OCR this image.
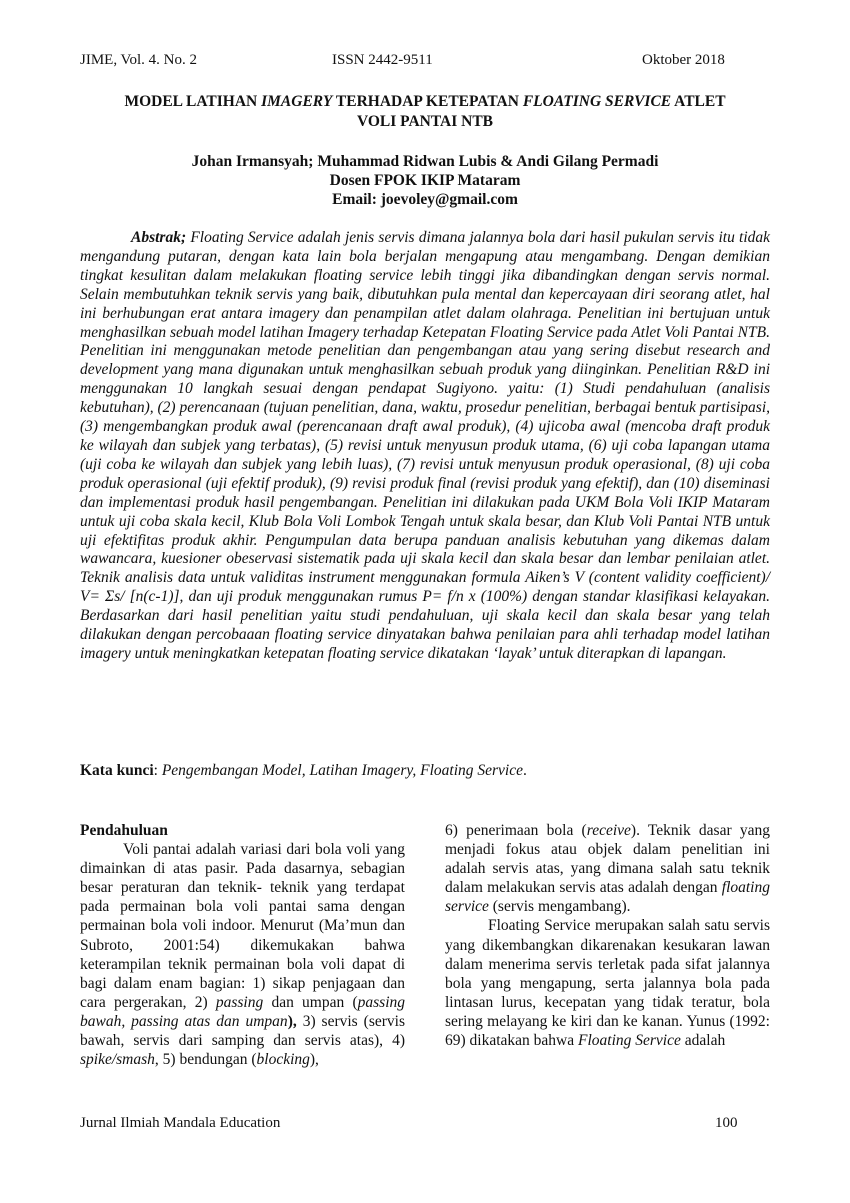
JIME, Vol. 4. No. 2	ISSN 2442-9511	Oktober 2018
MODEL LATIHAN IMAGERY TERHADAP KETEPATAN FLOATING SERVICE ATLET
VOLI PANTAI NTB
Johan Irmansyah; Muhammad Ridwan Lubis & Andi Gilang Permadi
Dosen FPOK IKIP Mataram
Email: joevoley@gmail.com

Abstrak; Floating Service adalah jenis servis dimana jalannya bola dari hasil pukulan servis itu tidak mengandung putaran, dengan kata lain bola berjalan mengapung atau mengambang. Dengan demikian tingkat kesulitan dalam melakukan floating service lebih tinggi jika dibandingkan dengan servis normal. Selain membutuhkan teknik servis yang baik, dibutuhkan pula mental dan kepercayaan diri seorang atlet, hal ini berhubungan erat antara imagery dan penampilan atlet dalam olahraga. Penelitian ini bertujuan untuk menghasilkan sebuah model latihan Imagery terhadap Ketepatan Floating Service pada Atlet Voli Pantai NTB. Penelitian ini menggunakan metode penelitian dan pengembangan atau yang sering disebut research and development yang mana digunakan untuk menghasilkan sebuah produk yang diinginkan. Penelitian R&D ini menggunakan 10 langkah sesuai dengan pendapat Sugiyono. yaitu: (1) Studi pendahuluan (analisis kebutuhan), (2) perencanaan (tujuan penelitian, dana, waktu, prosedur penelitian, berbagai bentuk partisipasi, (3) mengembangkan produk awal (perencanaan draft awal produk), (4) ujicoba awal (mencoba draft produk ke wilayah dan subjek yang terbatas), (5) revisi untuk menyusun produk utama, (6) uji coba lapangan utama (uji coba ke wilayah dan subjek yang lebih luas), (7) revisi untuk menyusun produk operasional, (8) uji coba produk operasional (uji efektif produk), (9) revisi produk final (revisi produk yang efektif), dan (10) diseminasi dan implementasi produk hasil pengembangan. Penelitian ini dilakukan pada UKM Bola Voli IKIP Mataram untuk uji coba skala kecil, Klub Bola Voli Lombok Tengah untuk skala besar, dan Klub Voli Pantai NTB untuk uji efektifitas produk akhir. Pengumpulan data berupa panduan analisis kebutuhan yang dikemas dalam wawancara, kuesioner obeservasi sistematik pada uji skala kecil dan skala besar dan lembar penilaian atlet. Teknik analisis data untuk validitas instrument menggunakan formula Aiken’s V (content validity coefficient)/ V= Σs/ [n(c-1)], dan uji produk menggunakan rumus P= f/n x (100%) dengan standar klasifikasi kelayakan. Berdasarkan dari hasil penelitian yaitu studi pendahuluan, uji skala kecil dan skala besar yang telah dilakukan dengan percobaaan floating service dinyatakan bahwa penilaian para ahli terhadap model latihan imagery untuk meningkatkan ketepatan floating service dikatakan ‘layak’ untuk diterapkan di lapangan.

Kata kunci: Pengembangan Model, Latihan Imagery, Floating Service.

Pendahuluan

Voli pantai adalah variasi dari bola voli yang dimainkan di atas pasir. Pada dasarnya, sebagian besar peraturan dan teknik- teknik yang terdapat pada permainan bola voli pantai sama dengan permainan bola voli indoor. Menurut (Ma’mun dan Subroto, 2001:54) dikemukakan bahwa keterampilan teknik permainan bola voli dapat di bagi dalam enam bagian: 1) sikap penjagaan dan cara pergerakan, 2) passing dan umpan (passing bawah, passing atas dan umpan), 3) servis (servis bawah, servis dari samping dan servis atas), 4) spike/smash, 5) bendungan (blocking),

6) penerimaan bola (receive). Teknik dasar yang menjadi fokus atau objek dalam penelitian ini adalah servis atas, yang dimana salah satu teknik dalam melakukan servis atas adalah dengan floating service (servis mengambang).

Floating Service merupakan salah satu servis yang dikembangkan dikarenakan kesukaran lawan dalam menerima servis terletak pada sifat jalannya bola yang mengapung, serta jalannya bola pada lintasan lurus, kecepatan yang tidak teratur, bola sering melayang ke kiri dan ke kanan. Yunus (1992: 69) dikatakan bahwa Floating Service adalah

Jurnal Ilmiah Mandala Education	100
